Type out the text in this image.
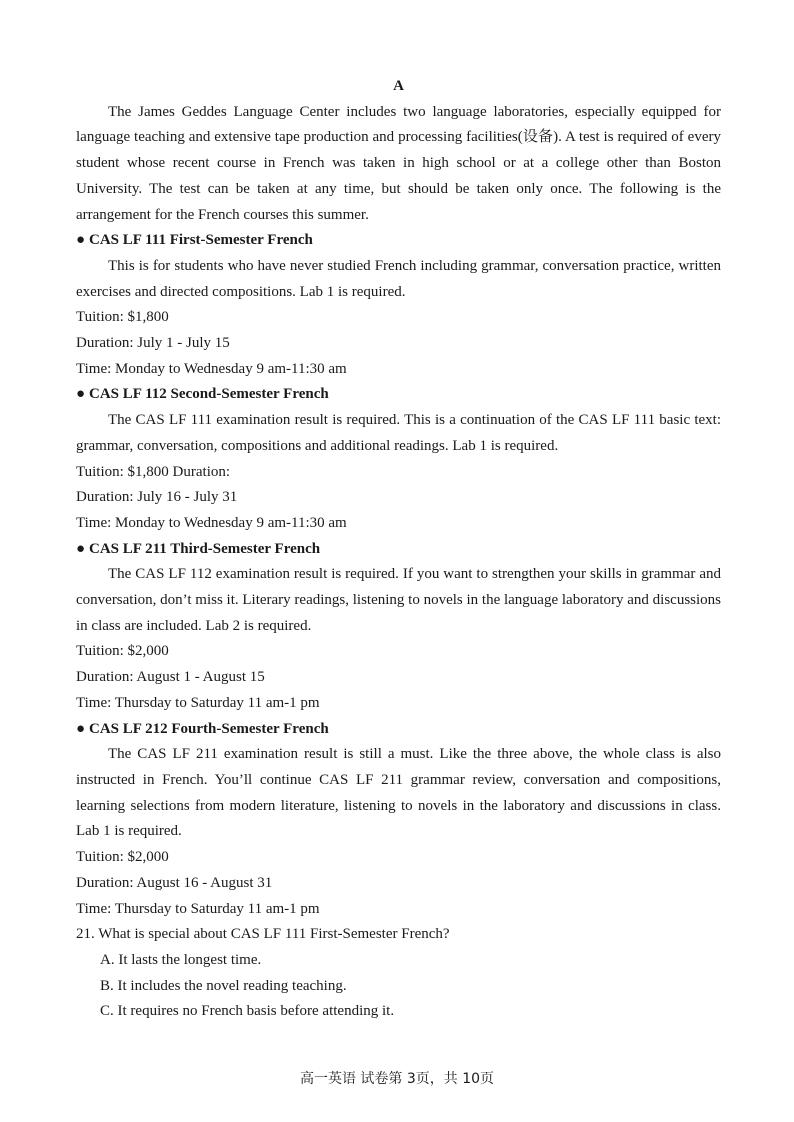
A

The James Geddes Language Center includes two language laboratories, especially equipped for language teaching and extensive tape production and processing facilities(设备). A test is required of every student whose recent course in French was taken in high school or at a college other than Boston University. The test can be taken at any time, but should be taken only once. The following is the arrangement for the French courses this summer.

● CAS LF 111 First-Semester French

This is for students who have never studied French including grammar, conversation practice, written exercises and directed compositions. Lab 1 is required.

Tuition: $1,800

Duration: July 1 - July 15

Time: Monday to Wednesday 9 am-11:30 am

● CAS LF 112 Second-Semester French

The CAS LF 111 examination result is required. This is a continuation of the CAS LF 111 basic text: grammar, conversation, compositions and additional readings. Lab 1 is required.

Tuition: $1,800 Duration:

Duration: July 16 - July 31

Time: Monday to Wednesday 9 am-11:30 am

● CAS LF 211 Third-Semester French

The CAS LF 112 examination result is required. If you want to strengthen your skills in grammar and conversation, don’t miss it. Literary readings, listening to novels in the language laboratory and discussions in class are included. Lab 2 is required.

Tuition: $2,000

Duration: August 1 - August 15

Time: Thursday to Saturday 11 am-1 pm

● CAS LF 212 Fourth-Semester French

The CAS LF 211 examination result is still a must. Like the three above, the whole class is also instructed in French. You’ll continue CAS LF 211 grammar review, conversation and compositions, learning selections from modern literature, listening to novels in the laboratory and discussions in class. Lab 1 is required.

Tuition: $2,000

Duration: August 16 - August 31

Time: Thursday to Saturday 11 am-1 pm

21. What is special about CAS LF 111 First-Semester French?

A. It lasts the longest time.

B. It includes the novel reading teaching.

C. It requires no French basis before attending it.

高一英语 试卷第 3页，共 10页
